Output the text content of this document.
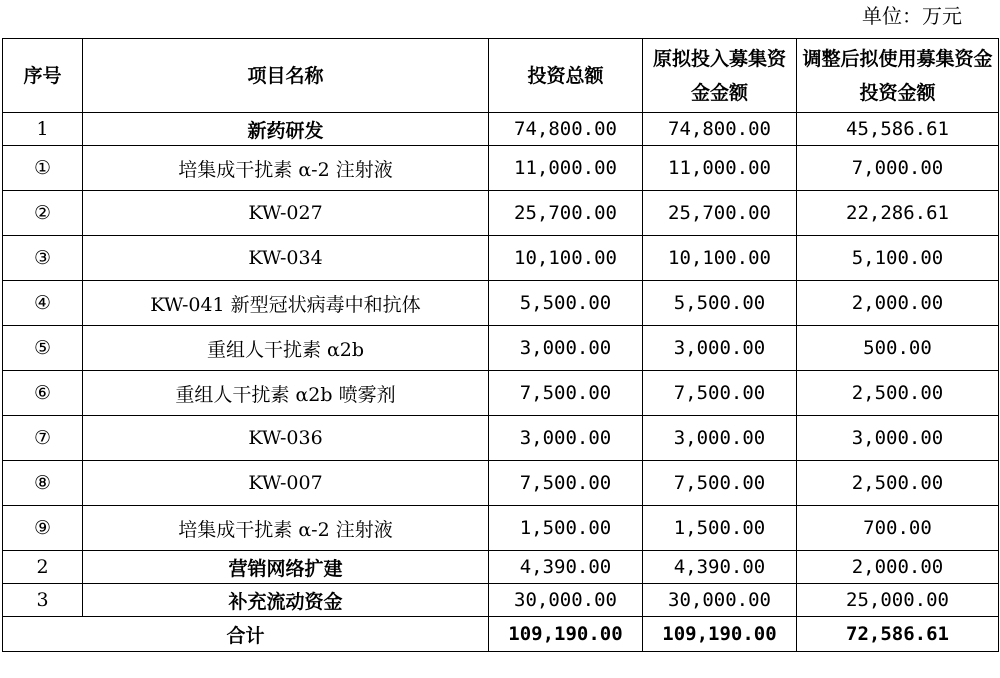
单位：万元
序号	项目名称	投资总额	原拟投入募集资金金额	调整后拟使用募集资金投资金额
1	新药研发	74,800.00	74,800.00	45,586.61
①	培集成干扰素 α-2 注射液	11,000.00	11,000.00	7,000.00
②	KW-027	25,700.00	25,700.00	22,286.61
③	KW-034	10,100.00	10,100.00	5,100.00
④	KW-041 新型冠状病毒中和抗体	5,500.00	5,500.00	2,000.00
⑤	重组人干扰素 α2b	3,000.00	3,000.00	500.00
⑥	重组人干扰素 α2b 喷雾剂	7,500.00	7,500.00	2,500.00
⑦	KW-036	3,000.00	3,000.00	3,000.00
⑧	KW-007	7,500.00	7,500.00	2,500.00
⑨	培集成干扰素 α-2 注射液	1,500.00	1,500.00	700.00
2	营销网络扩建	4,390.00	4,390.00	2,000.00
3	补充流动资金	30,000.00	30,000.00	25,000.00
合计		109,190.00	109,190.00	72,586.61
